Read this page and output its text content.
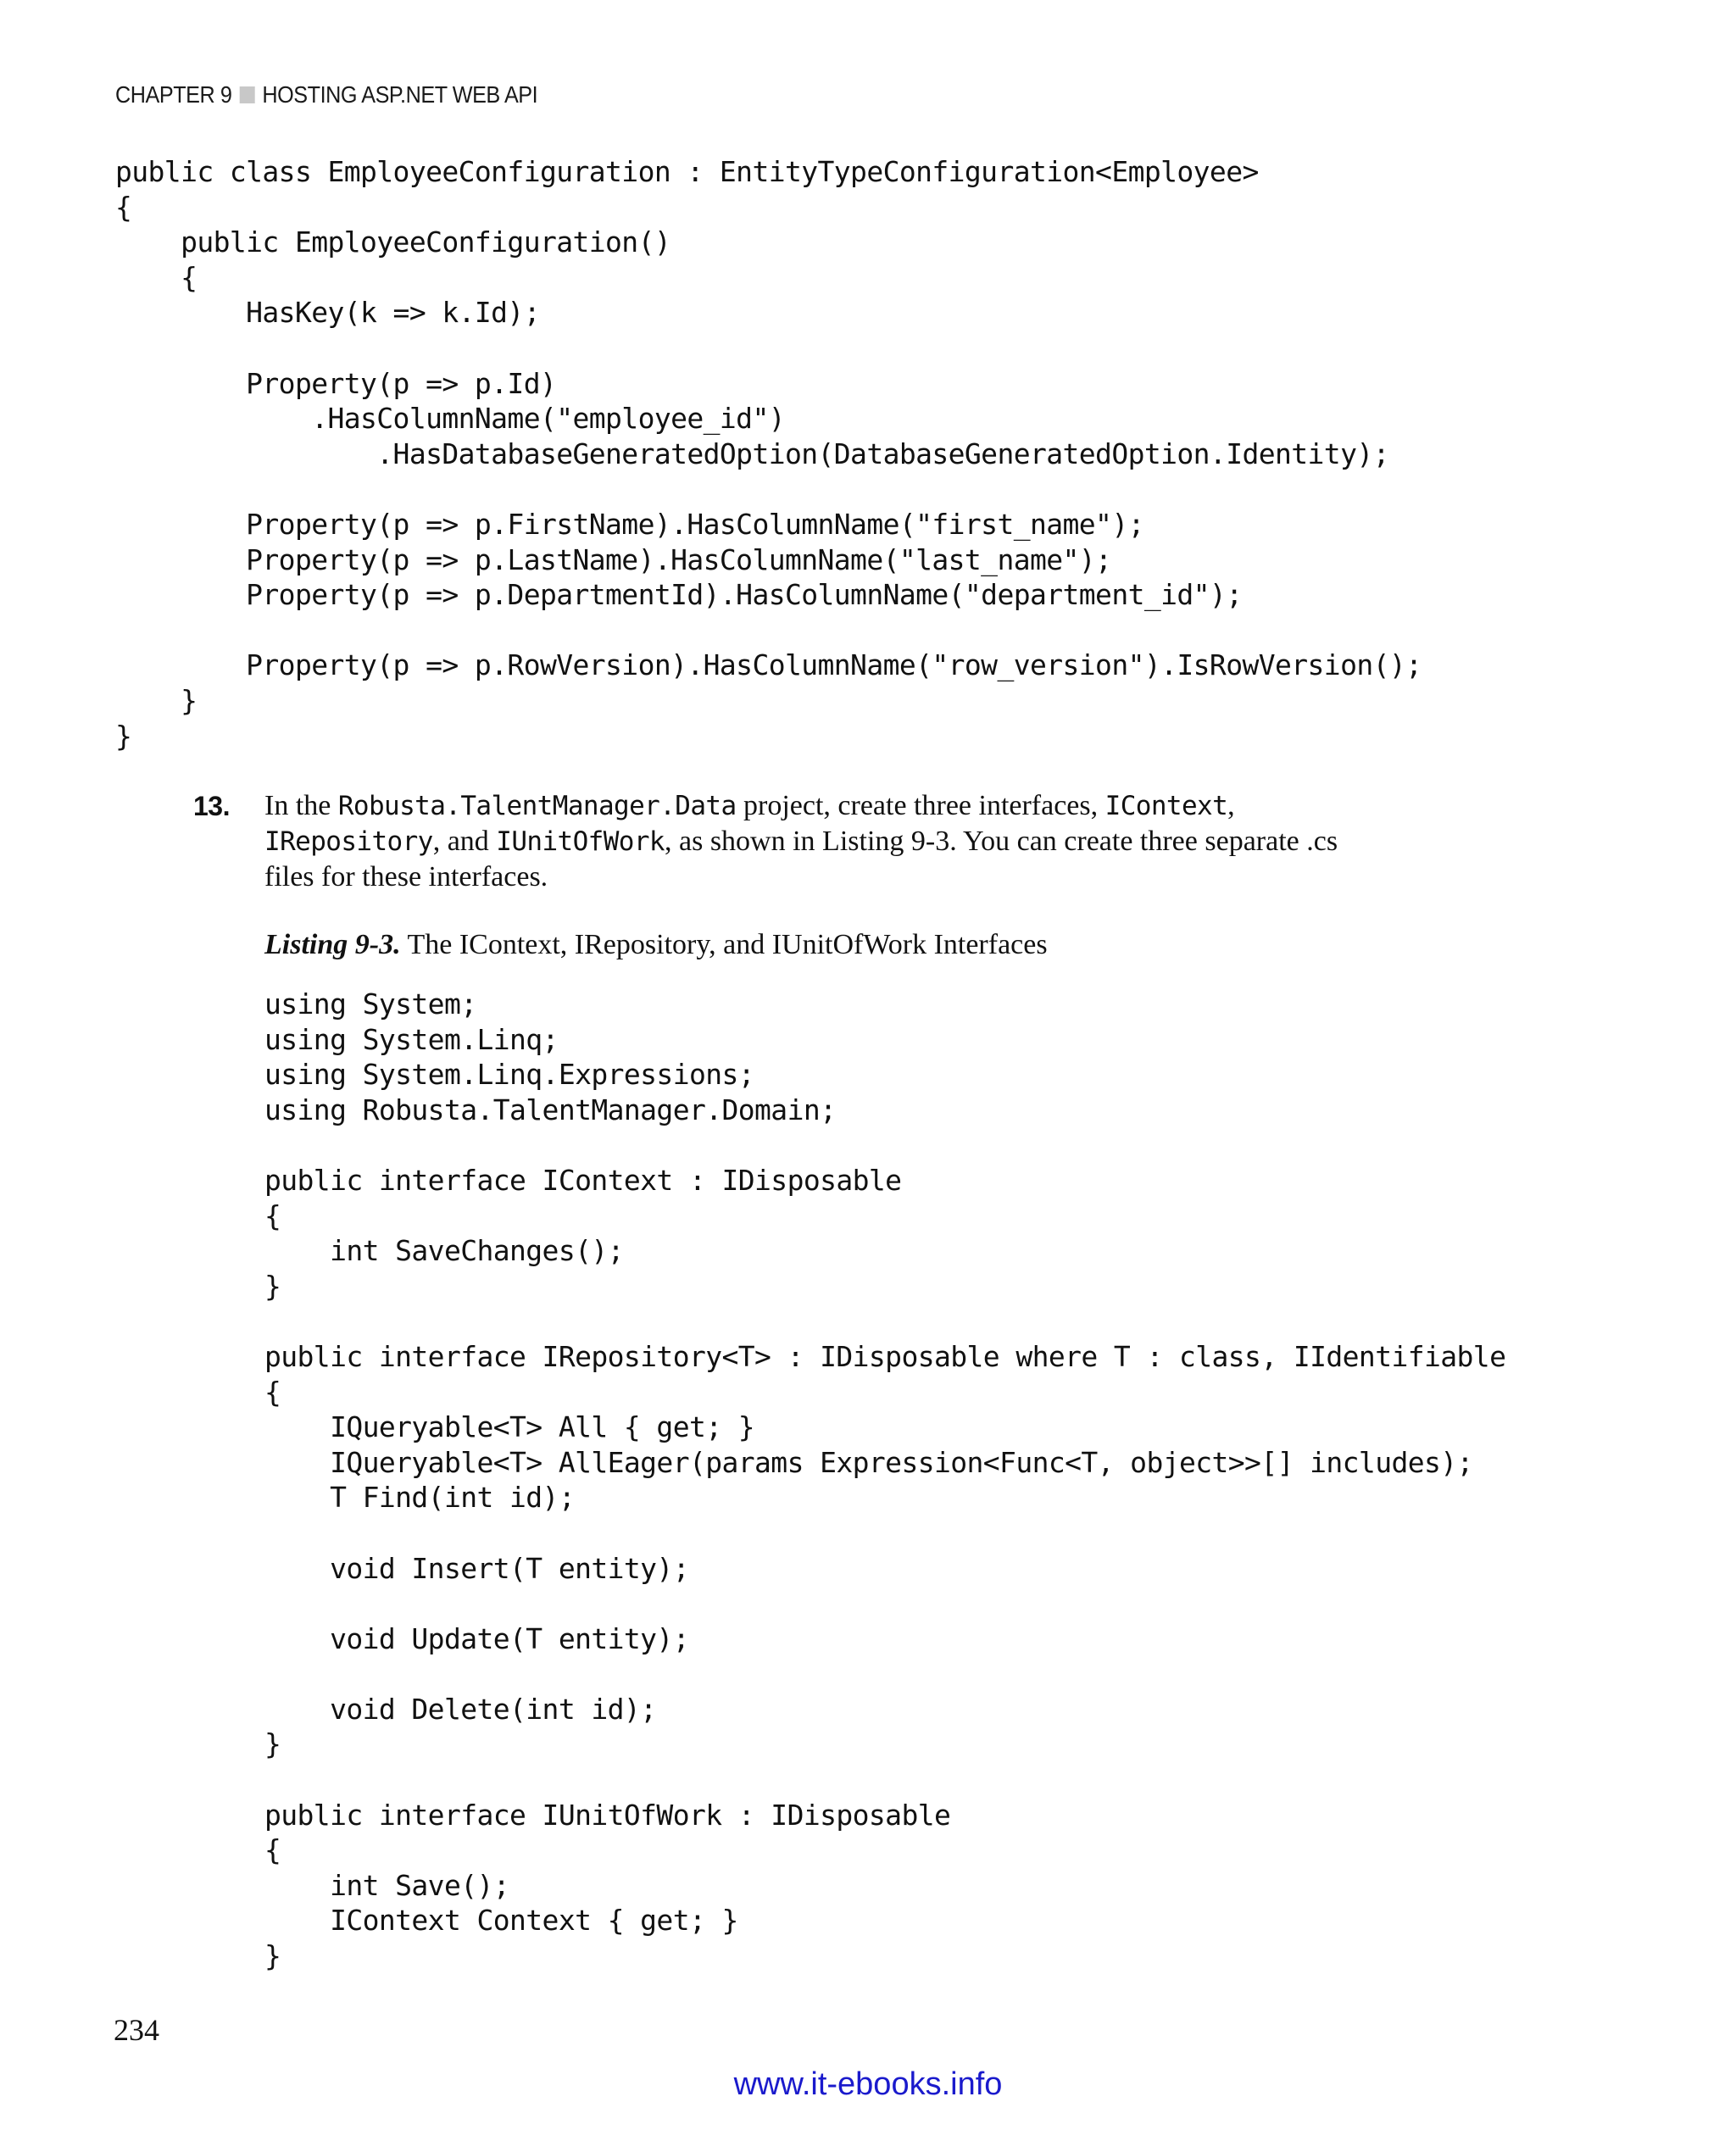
CHAPTER 9 HOSTING ASP.NET WEB API
public class EmployeeConfiguration : EntityTypeConfiguration<Employee>
{
public EmployeeConfiguration()
{
HasKey(k => k.Id);

Property(p => p.Id)
.HasColumnName("employee_id")
.HasDatabaseGeneratedOption(DatabaseGeneratedOption.Identity);

Property(p => p.FirstName).HasColumnName("first_name");
Property(p => p.LastName).HasColumnName("last_name");
Property(p => p.DepartmentId).HasColumnName("department_id");

Property(p => p.RowVersion).HasColumnName("row_version").IsRowVersion();
}
}
13. In the Robusta.TalentManager.Data project, create three interfaces, IContext, IRepository, and IUnitOfWork, as shown in Listing 9-3. You can create three separate .cs files for these interfaces.
Listing 9-3. The IContext, IRepository, and IUnitOfWork Interfaces
using System;
using System.Linq;
using System.Linq.Expressions;
using Robusta.TalentManager.Domain;

public interface IContext : IDisposable
{
int SaveChanges();
}

public interface IRepository<T> : IDisposable where T : class, IIdentifiable
{
IQueryable<T> All { get; }
IQueryable<T> AllEager(params Expression<Func<T, object>>[] includes);
T Find(int id);

void Insert(T entity);

void Update(T entity);

void Delete(int id);
}

public interface IUnitOfWork : IDisposable
{
int Save();
IContext Context { get; }
}
234
www.it-ebooks.info
